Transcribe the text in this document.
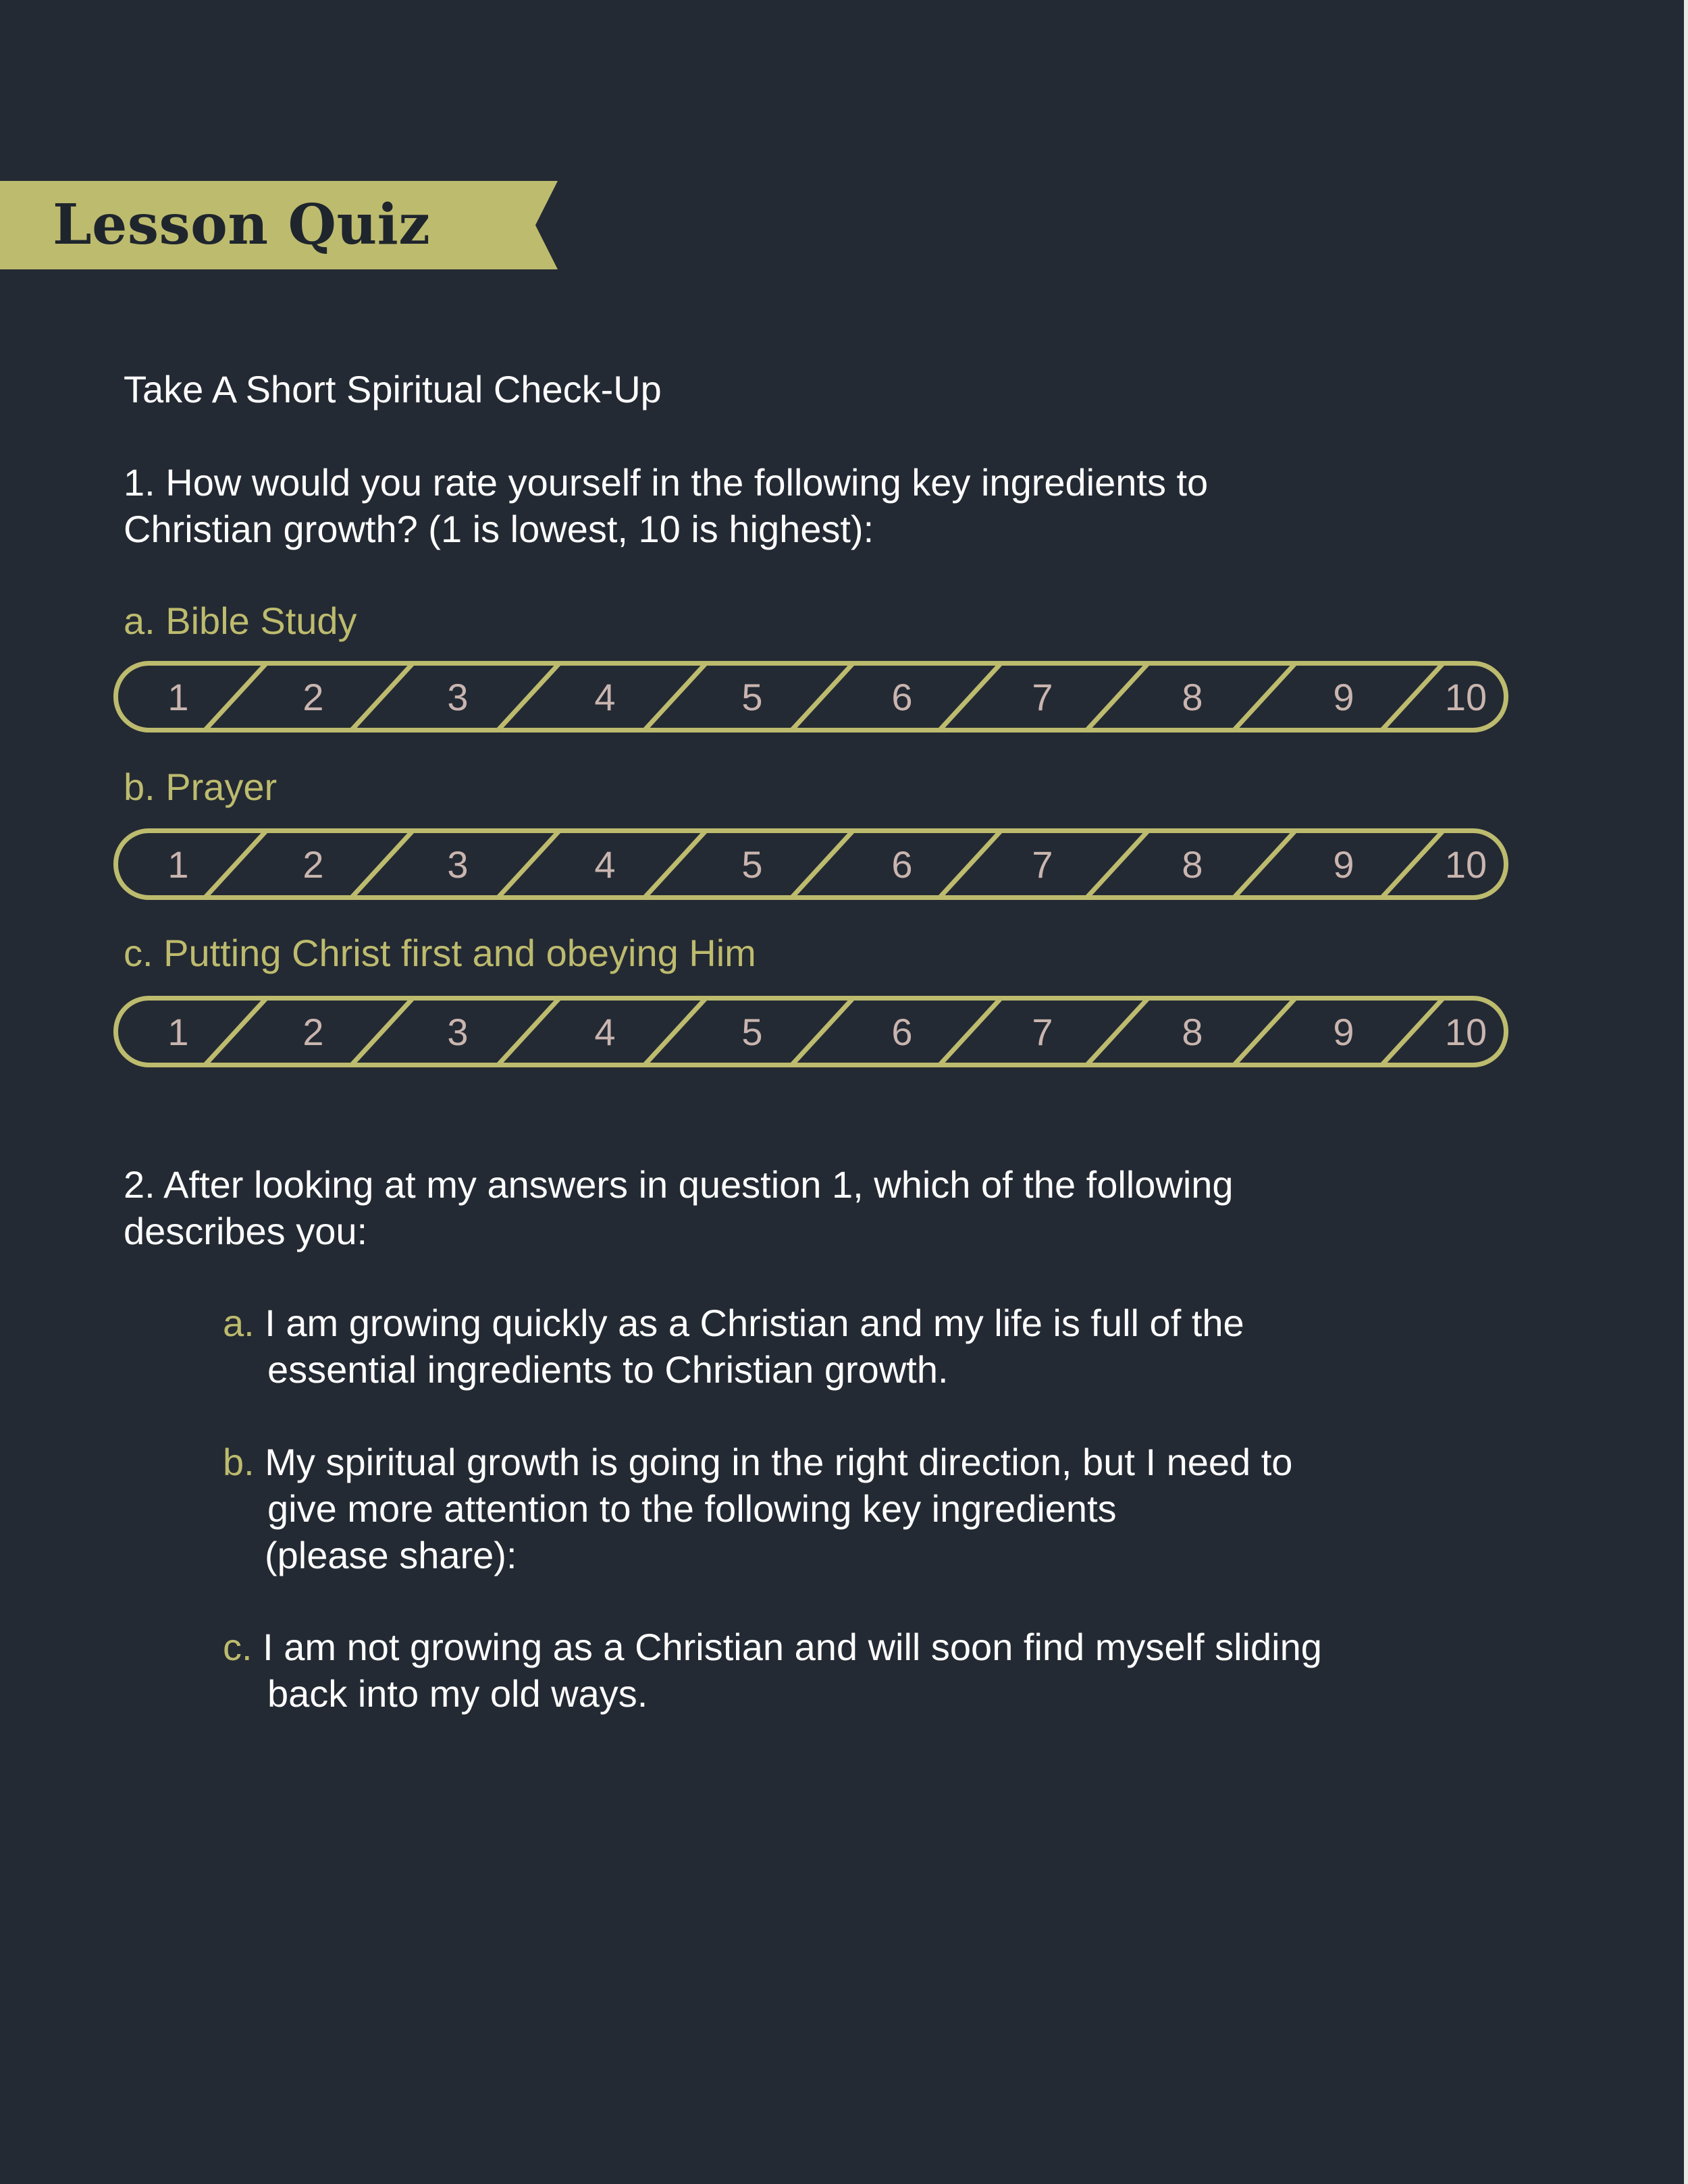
Lesson Quiz
Take A Short Spiritual Check-Up
1. How would you rate yourself in the following key ingredients to
Christian growth? (1 is lowest, 10 is highest):
a. Bible Study
1	2	3	4	5	6	7	8	9 10
b. Prayer
1	2	3	4	5	6	7	8	9 10
c. Putting Christ first and obeying Him
1	2	3	4	5	6	7	8	9 10
2. After looking at my answers in question 1, which of the following
describes you:
a. I am growing quickly as a Christian and my life is full of the
essential ingredients to Christian growth.
b. My spiritual growth is going in the right direction, but I need to
give more attention to the following key ingredients
(please share):
c. I am not growing as a Christian and will soon find myself sliding
back into my old ways.
